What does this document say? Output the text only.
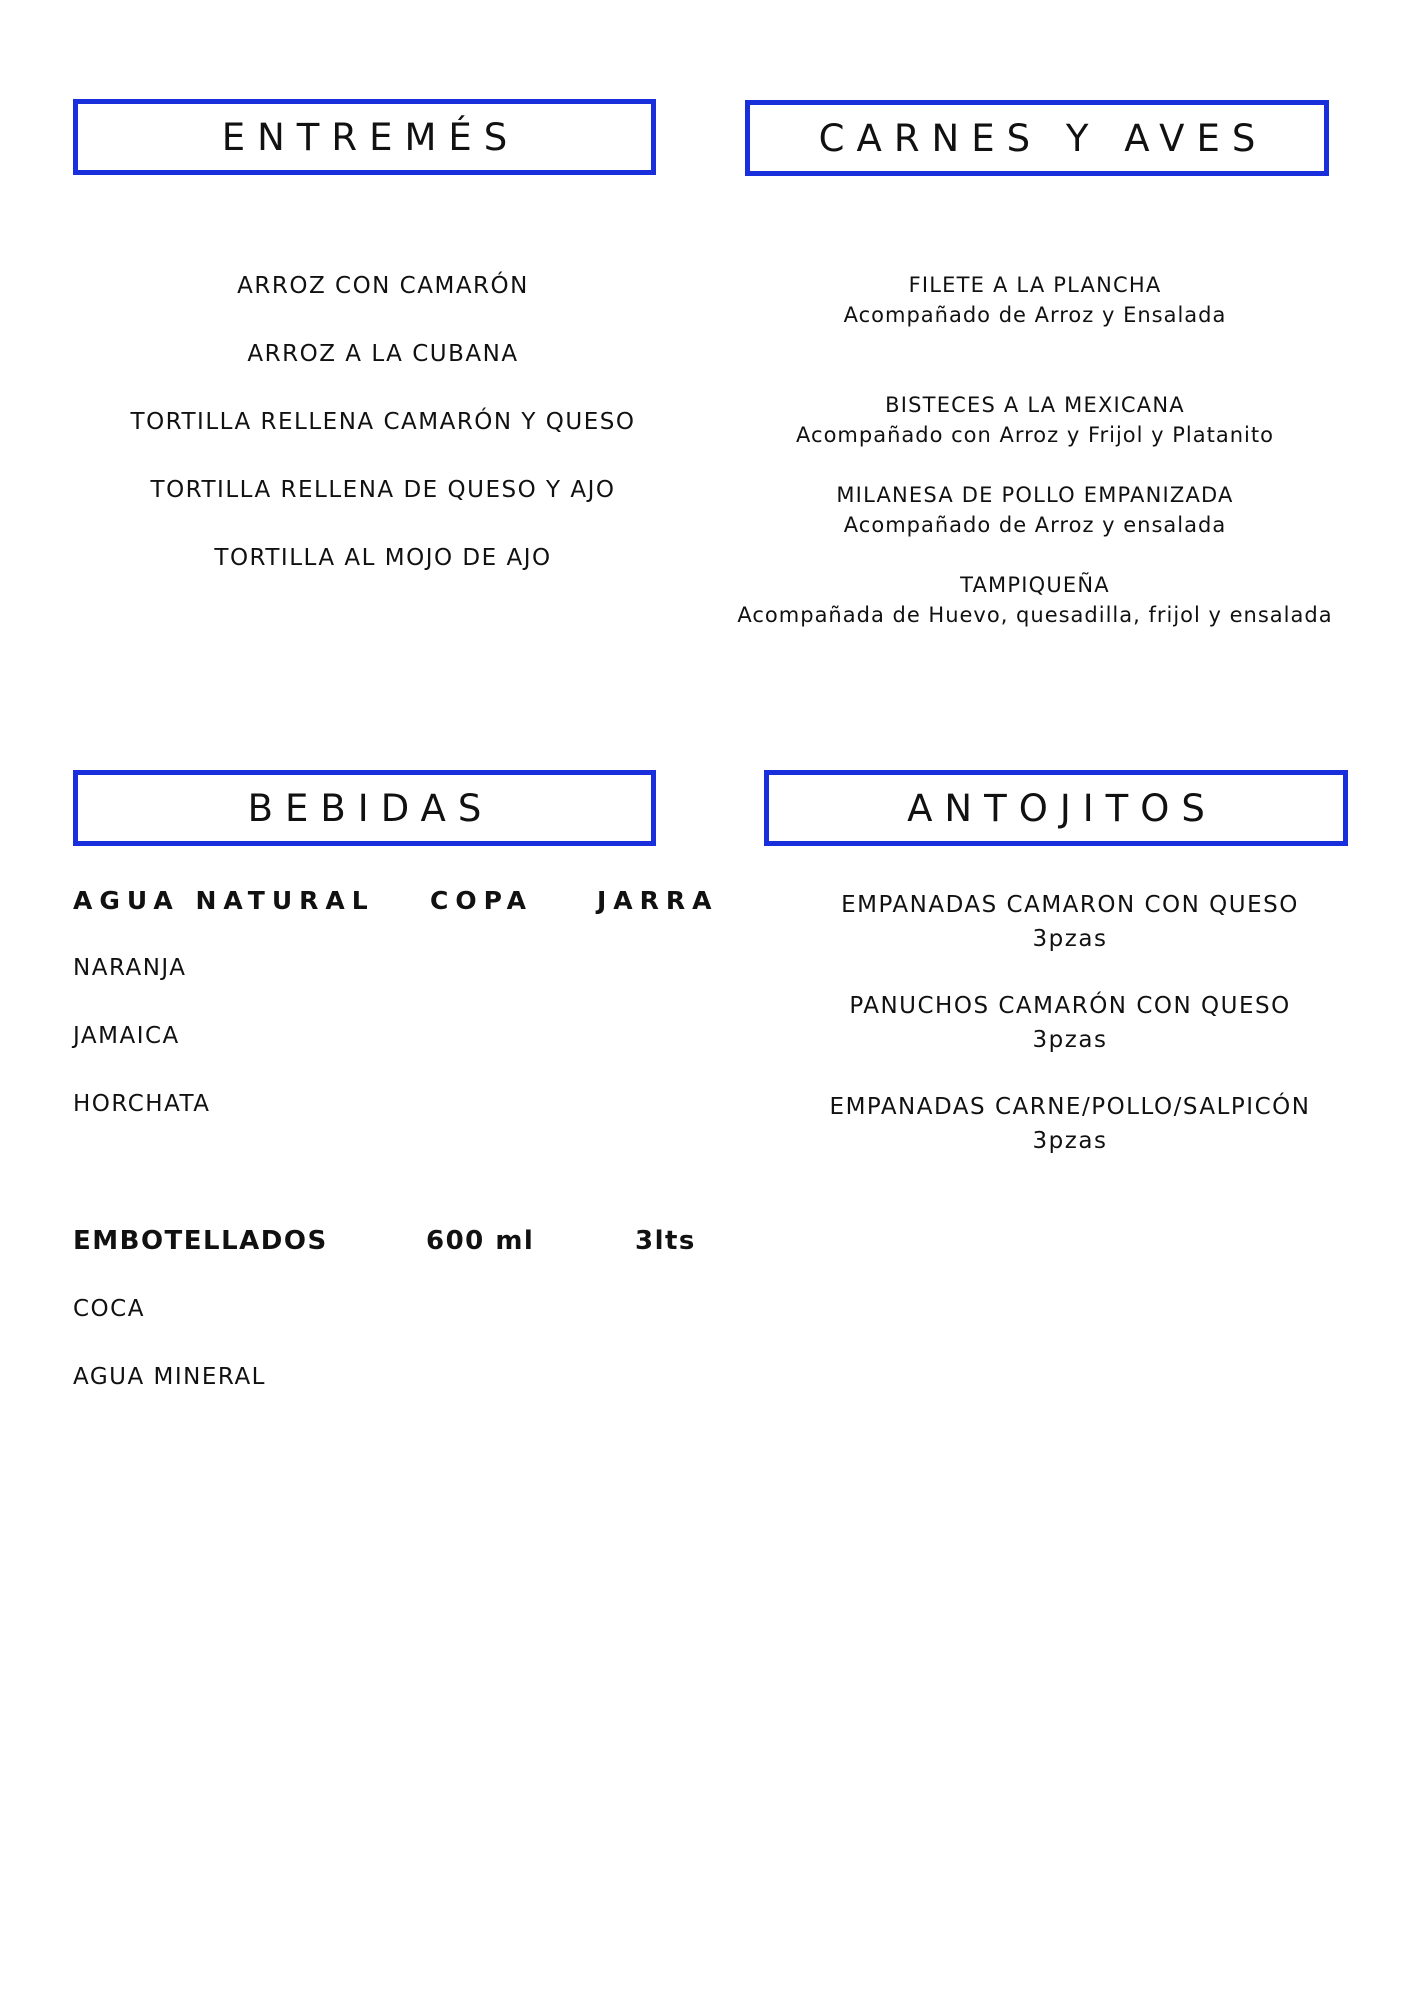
ENTREMÉS	CARNES Y AVES
BEBIDAS	ANTOJITOS
ARROZ CON CAMARÓN
ARROZ A LA CUBANA
TORTILLA RELLENA CAMARÓN Y QUESO
TORTILLA RELLENA DE QUESO Y AJO
TORTILLA AL MOJO DE AJO
FILETE A LA PLANCHA
Acompañado de Arroz y Ensalada
BISTECES A LA MEXICANA
Acompañado con Arroz y Frijol y Platanito
MILANESA DE POLLO EMPANIZADA
Acompañado de Arroz y ensalada
TAMPIQUEÑA
Acompañada de Huevo, quesadilla, frijol y ensalada
AGUA NATURAL COPA	JARRA
NARANJA
JAMAICA
HORCHATA
EMBOTELLADOS	600 ml	3lts
COCA
AGUA MINERAL
EMPANADAS CAMARON CON QUESO
3pzas
PANUCHOS CAMARÓN CON QUESO
3pzas
EMPANADAS CARNE/POLLO/SALPICÓN
3pzas
